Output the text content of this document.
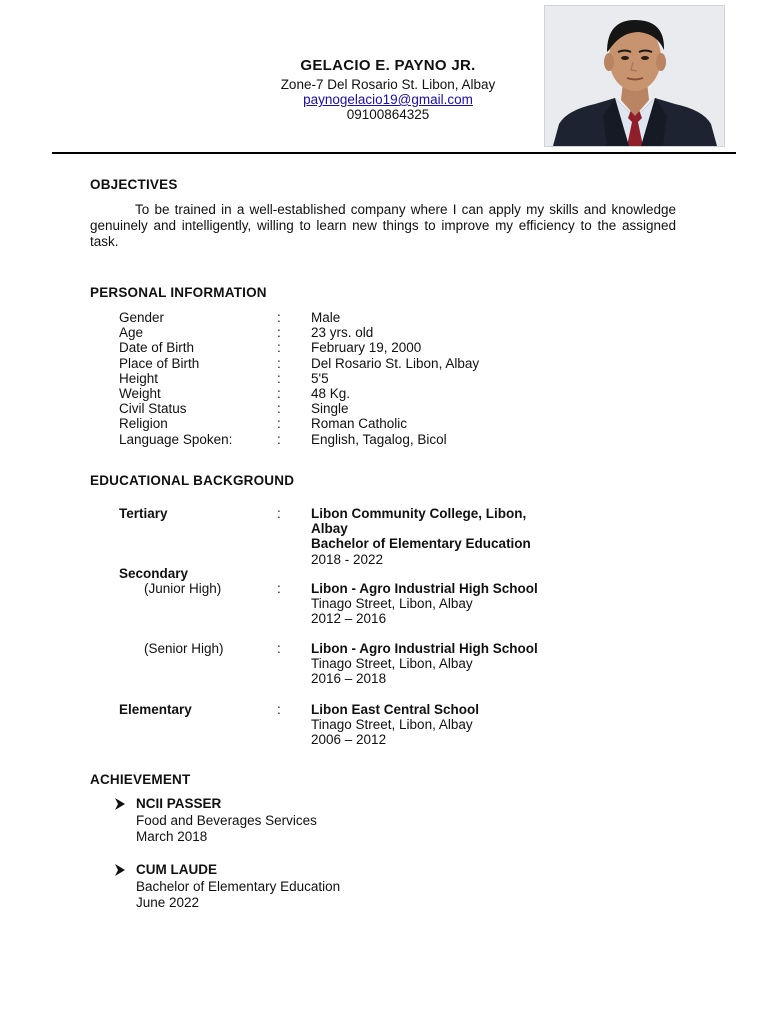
GELACIO E. PAYNO JR.
Zone-7 Del Rosario St. Libon, Albay
paynogelacio19@gmail.com
09100864325
OBJECTIVES
To be trained in a well-established company where I can apply my skills and knowledge genuinely and intelligently, willing to learn new things to improve my efficiency to the assigned task.
PERSONAL INFORMATION
Gender	: Male
Age	: 23 yrs. old
Date of Birth	: February 19, 2000
Place of Birth	: Del Rosario St. Libon, Albay
Height	: 5'5
Weight	: 48 Kg.
Civil Status	: Single
Religion	: Roman Catholic
Language Spoken:	: English, Tagalog, Bicol
EDUCATIONAL BACKGROUND
Tertiary	: Libon Community College, Libon,
Albay
Bachelor of Elementary Education
2018 - 2022
Secondary
(Junior High)	: Libon - Agro Industrial High School
Tinago Street, Libon, Albay
2012 – 2016
(Senior High)	: Libon - Agro Industrial High School
Tinago Street, Libon, Albay
2016 – 2018
Elementary	: Libon East Central School
Tinago Street, Libon, Albay
2006 – 2012
ACHIEVEMENT
NCII PASSER
Food and Beverages Services
March 2018
CUM LAUDE
Bachelor of Elementary Education
June 2022
